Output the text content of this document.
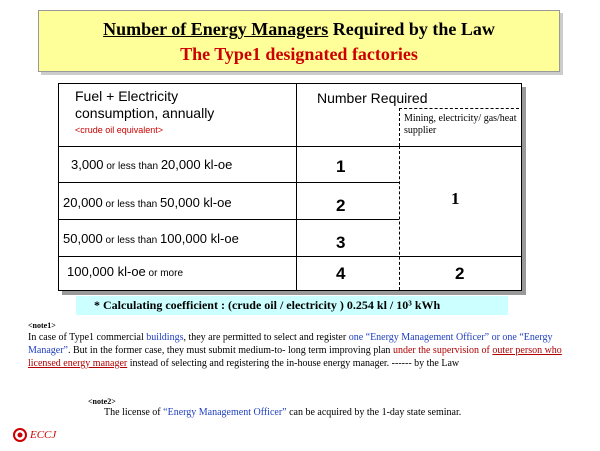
Number of Energy Managers Required by the Law
The Type1 designated factories
Fuel + Electricity
consumption, annually
<crude oil equivalent>
Number Required
Mining, electricity/ gas/heat supplier
3,000 or less than 20,000 kl-oe
20,000 or less than 50,000 kl-oe
50,000 or less than 100,000 kl-oe
100,000 kl-oe or more
1
2
3
4
1
2
* Calculating coefficient : (crude oil / electricity ) 0.254 kl / 10³ kWh
<note1>
In case of Type1 commercial buildings, they are permitted to select and register one “Energy Management Officer” or one “Energy Manager”. But in the former case, they must submit medium-to- long term improving plan under the supervision of outer person who licensed energy manager instead of selecting and registering the in-house energy manager. ------ by the Law
<note2>
The license of “Energy Management Officer” can be acquired by the 1-day state seminar.
ECCJ
